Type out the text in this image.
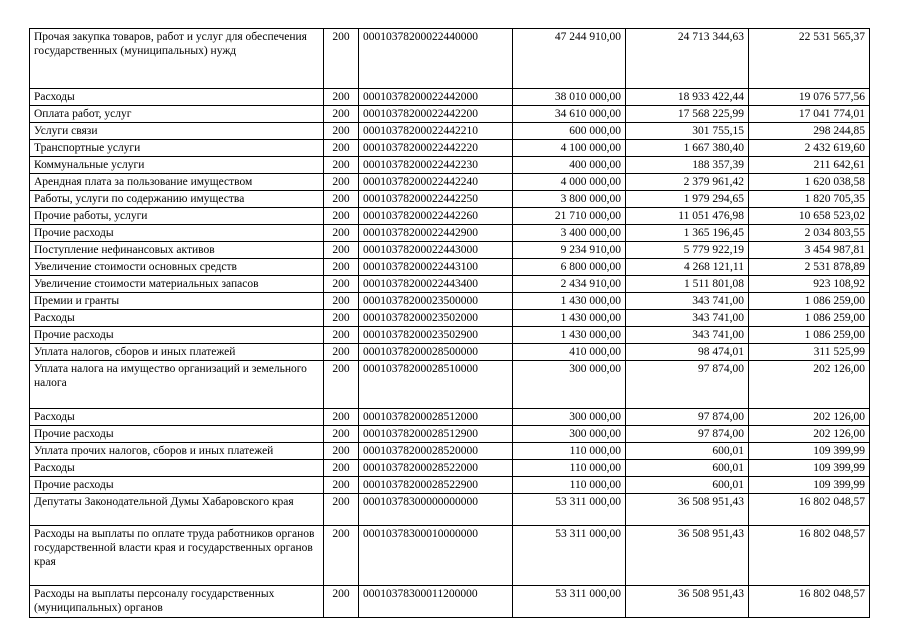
Прочая закупка товаров, работ и услуг для обеспечения государственных (муниципальных) нужд	200	00010378200022440000	47 244 910,00	24 713 344,63	22 531 565,37
Расходы	200	00010378200022442000	38 010 000,00	18 933 422,44	19 076 577,56
Оплата работ, услуг	200	00010378200022442200	34 610 000,00	17 568 225,99	17 041 774,01
Услуги связи	200	00010378200022442210	600 000,00	301 755,15	298 244,85
Транспортные услуги	200	00010378200022442220	4 100 000,00	1 667 380,40	2 432 619,60
Коммунальные услуги	200	00010378200022442230	400 000,00	188 357,39	211 642,61
Арендная плата за пользование имуществом	200	00010378200022442240	4 000 000,00	2 379 961,42	1 620 038,58
Работы, услуги по содержанию имущества	200	00010378200022442250	3 800 000,00	1 979 294,65	1 820 705,35
Прочие работы, услуги	200	00010378200022442260	21 710 000,00	11 051 476,98	10 658 523,02
Прочие расходы	200	00010378200022442900	3 400 000,00	1 365 196,45	2 034 803,55
Поступление нефинансовых активов	200	00010378200022443000	9 234 910,00	5 779 922,19	3 454 987,81
Увеличение стоимости основных средств	200	00010378200022443100	6 800 000,00	4 268 121,11	2 531 878,89
Увеличение стоимости материальных запасов	200	00010378200022443400	2 434 910,00	1 511 801,08	923 108,92
Премии и гранты	200	00010378200023500000	1 430 000,00	343 741,00	1 086 259,00
Расходы	200	00010378200023502000	1 430 000,00	343 741,00	1 086 259,00
Прочие расходы	200	00010378200023502900	1 430 000,00	343 741,00	1 086 259,00
Уплата налогов, сборов и иных платежей	200	00010378200028500000	410 000,00	98 474,01	311 525,99
Уплата налога на имущество организаций и земельного налога	200	00010378200028510000	300 000,00	97 874,00	202 126,00
Расходы	200	00010378200028512000	300 000,00	97 874,00	202 126,00
Прочие расходы	200	00010378200028512900	300 000,00	97 874,00	202 126,00
Уплата прочих налогов, сборов и иных платежей	200	00010378200028520000	110 000,00	600,01	109 399,99
Расходы	200	00010378200028522000	110 000,00	600,01	109 399,99
Прочие расходы	200	00010378200028522900	110 000,00	600,01	109 399,99
Депутаты Законодательной Думы Хабаровского края	200	00010378300000000000	53 311 000,00	36 508 951,43	16 802 048,57
Расходы на выплаты по оплате труда работников органов государственной власти края и государственных органов края	200	00010378300010000000	53 311 000,00	36 508 951,43	16 802 048,57
Расходы на выплаты персоналу государственных (муниципальных) органов	200	00010378300011200000	53 311 000,00	36 508 951,43	16 802 048,57
